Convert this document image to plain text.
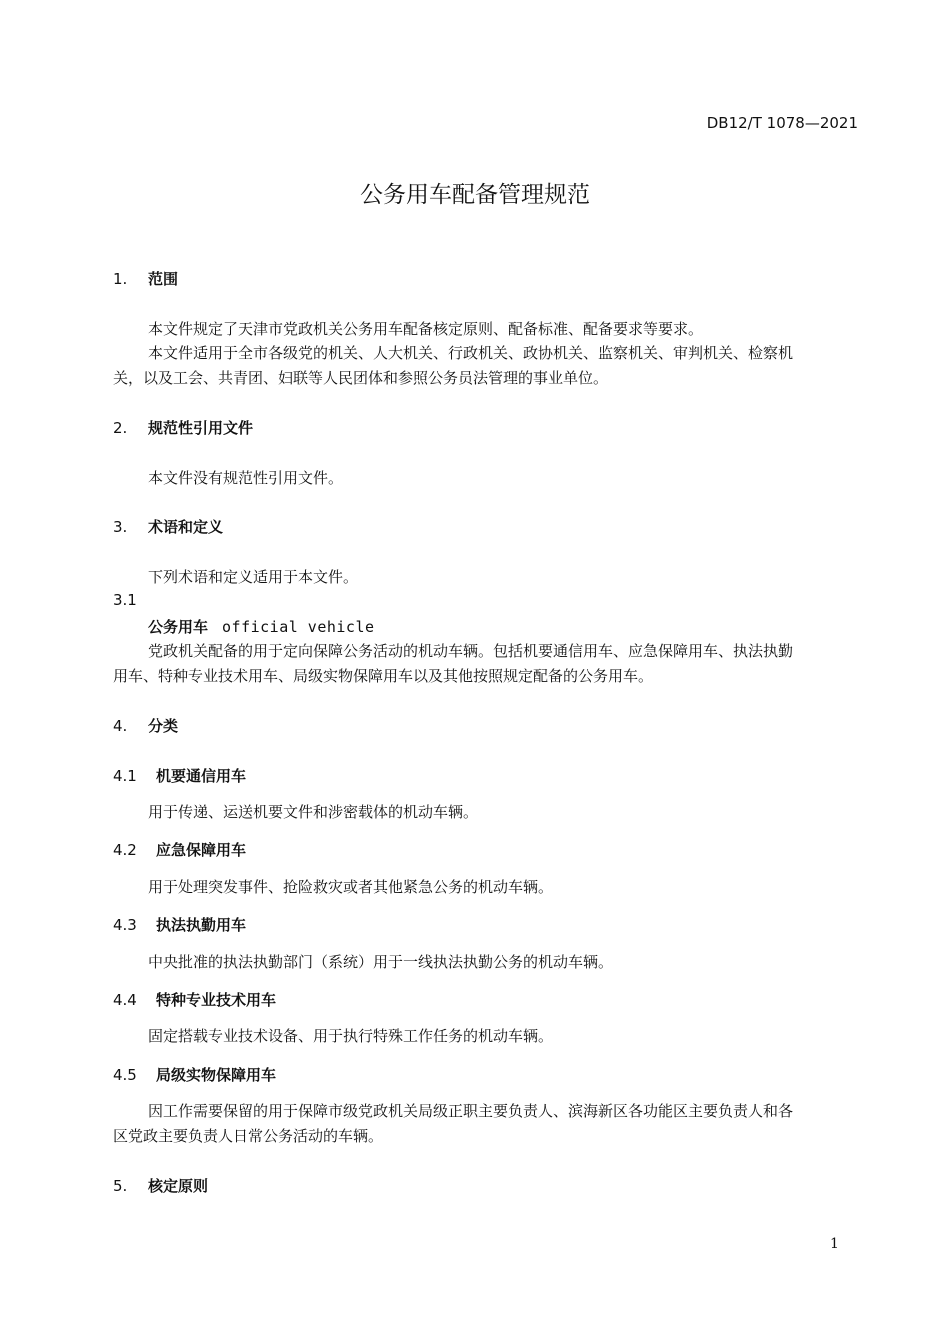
DB12/T 1078—2021
公务用车配备管理规范
1. 范围
本文件规定了天津市党政机关公务用车配备核定原则、配备标准、配备要求等要求。
本文件适用于全市各级党的机关、人大机关、行政机关、政协机关、监察机关、审判机关、检察机
关，以及工会、共青团、妇联等人民团体和参照公务员法管理的事业单位。
2. 规范性引用文件
本文件没有规范性引用文件。
3. 术语和定义
下列术语和定义适用于本文件。
3.1
公务用车 official vehicle
党政机关配备的用于定向保障公务活动的机动车辆。包括机要通信用车、应急保障用车、执法执勤
用车、特种专业技术用车、局级实物保障用车以及其他按照规定配备的公务用车。
4. 分类
4.1 机要通信用车
用于传递、运送机要文件和涉密载体的机动车辆。
4.2 应急保障用车
用于处理突发事件、抢险救灾或者其他紧急公务的机动车辆。
4.3 执法执勤用车
中央批准的执法执勤部门（系统）用于一线执法执勤公务的机动车辆。
4.4 特种专业技术用车
固定搭载专业技术设备、用于执行特殊工作任务的机动车辆。
4.5 局级实物保障用车
因工作需要保留的用于保障市级党政机关局级正职主要负责人、滨海新区各功能区主要负责人和各
区党政主要负责人日常公务活动的车辆。
5. 核定原则
1
